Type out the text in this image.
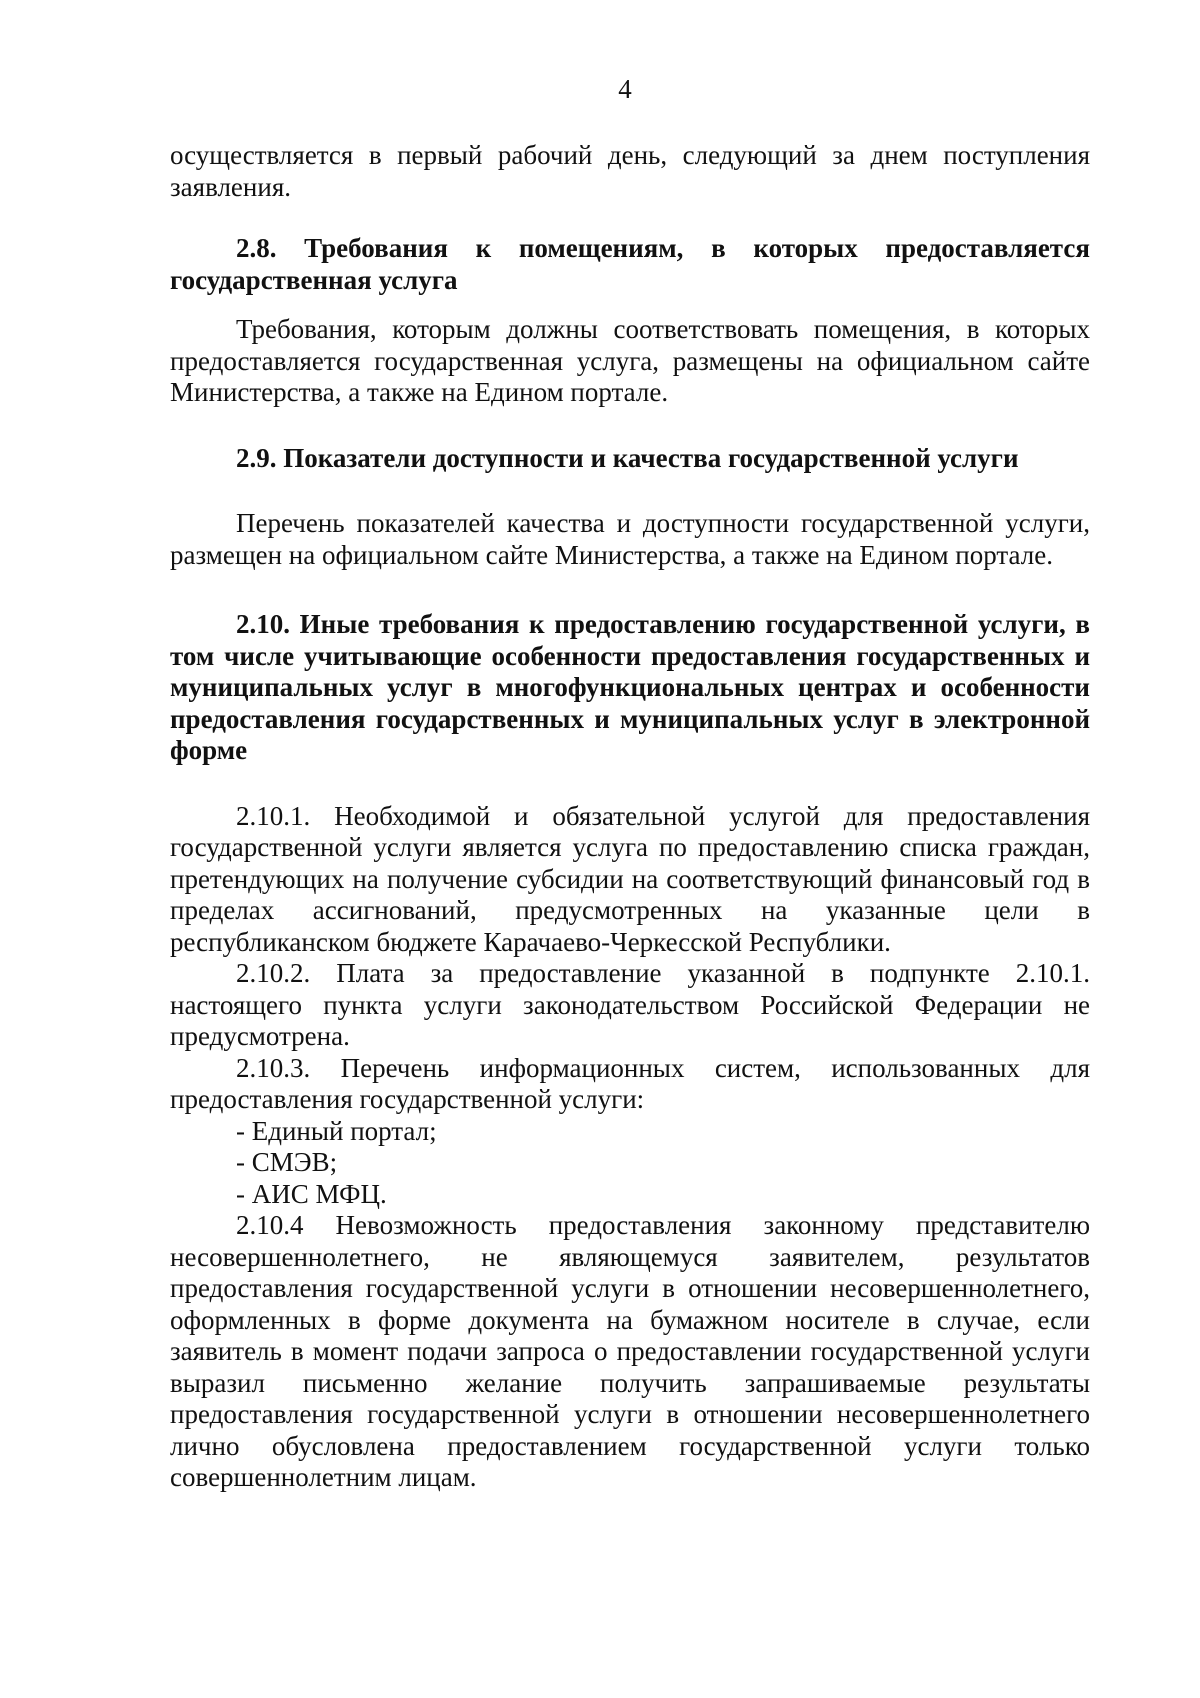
4

осуществляется в первый рабочий день, следующий за днем поступления заявления.

2.8. Требования к помещениям, в которых предоставляется государственная услуга

Требования, которым должны соответствовать помещения, в которых предоставляется государственная услуга, размещены на официальном сайте Министерства, а также на Едином портале.

2.9. Показатели доступности и качества государственной услуги

Перечень показателей качества и доступности государственной услуги, размещен на официальном сайте Министерства, а также на Едином портале.

2.10. Иные требования к предоставлению государственной услуги, в том числе учитывающие особенности предоставления государственных и муниципальных услуг в многофункциональных центрах и особенности предоставления государственных и муниципальных услуг в электронной форме

2.10.1. Необходимой и обязательной услугой для предоставления государственной услуги является услуга по предоставлению списка граждан, претендующих на получение субсидии на соответствующий финансовый год в пределах ассигнований, предусмотренных на указанные цели в республиканском бюджете Карачаево-Черкесской Республики.

2.10.2. Плата за предоставление указанной в подпункте 2.10.1. настоящего пункта услуги законодательством Российской Федерации не предусмотрена.

2.10.3. Перечень информационных систем, использованных для предоставления государственной услуги:

- Единый портал;

- СМЭВ;

- АИС МФЦ.

2.10.4 Невозможность предоставления законному представителю несовершеннолетнего, не являющемуся заявителем, результатов предоставления государственной услуги в отношении несовершеннолетнего, оформленных в форме документа на бумажном носителе в случае, если заявитель в момент подачи запроса о предоставлении государственной услуги выразил письменно желание получить запрашиваемые результаты предоставления государственной услуги в отношении несовершеннолетнего лично обусловлена предоставлением государственной услуги только совершеннолетним лицам.
